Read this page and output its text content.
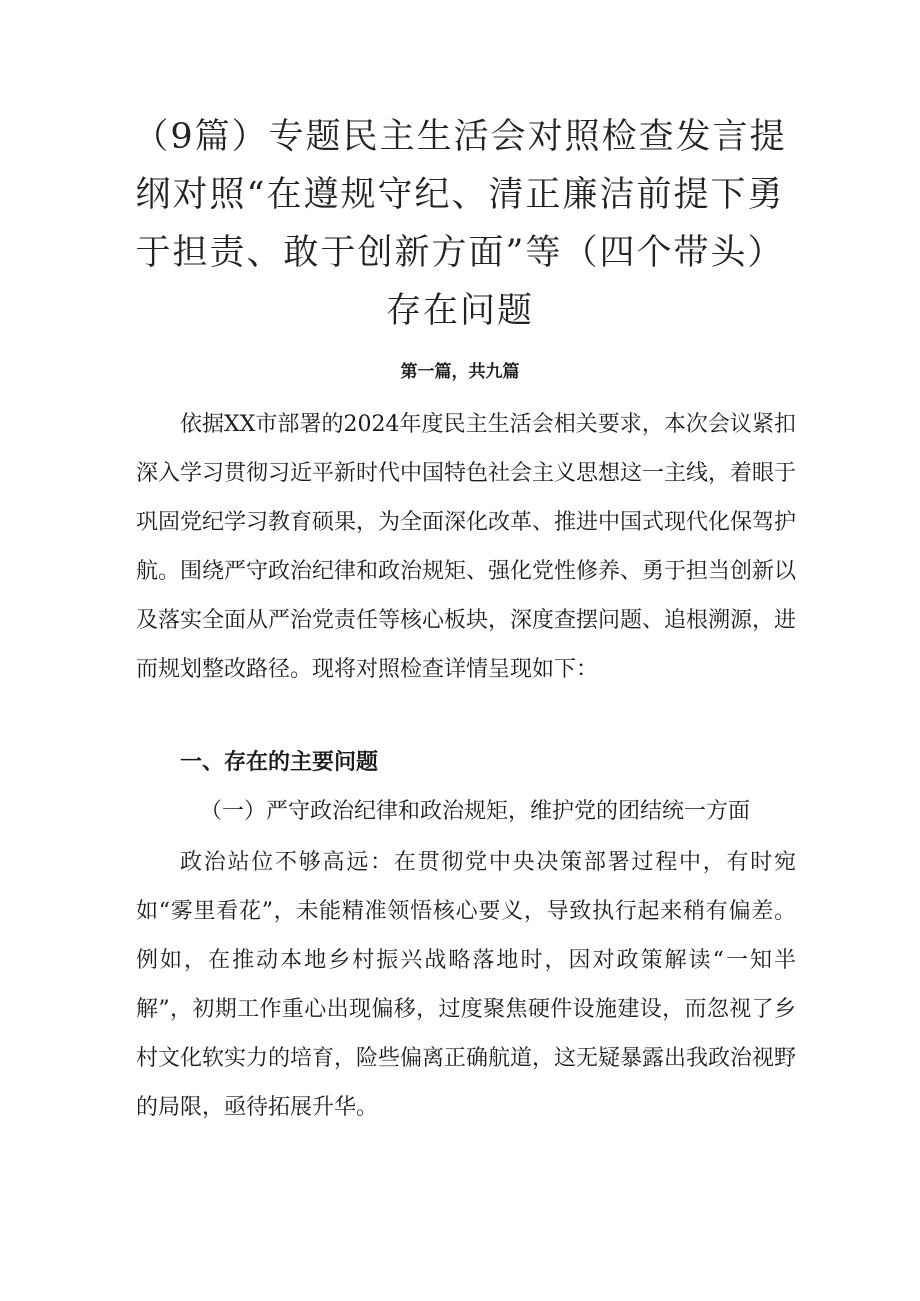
（9篇）专题民主生活会对照检查发言提纲对照“在遵规守纪、清正廉洁前提下勇于担责、敢于创新方面”等（四个带头）存在问题

第一篇，共九篇

依据XX市部署的2024年度民主生活会相关要求，本次会议紧扣深入学习贯彻习近平新时代中国特色社会主义思想这一主线，着眼于巩固党纪学习教育硕果，为全面深化改革、推进中国式现代化保驾护航。围绕严守政治纪律和政治规矩、强化党性修养、勇于担当创新以及落实全面从严治党责任等核心板块，深度查摆问题、追根溯源，进而规划整改路径。现将对照检查详情呈现如下：

一、存在的主要问题

（一）严守政治纪律和政治规矩，维护党的团结统一方面

政治站位不够高远：在贯彻党中央决策部署过程中，有时宛如“雾里看花”，未能精准领悟核心要义，导致执行起来稍有偏差。例如，在推动本地乡村振兴战略落地时，因对政策解读“一知半解”，初期工作重心出现偏移，过度聚焦硬件设施建设，而忽视了乡村文化软实力的培育，险些偏离正确航道，这无疑暴露出我政治视野的局限，亟待拓展升华。
